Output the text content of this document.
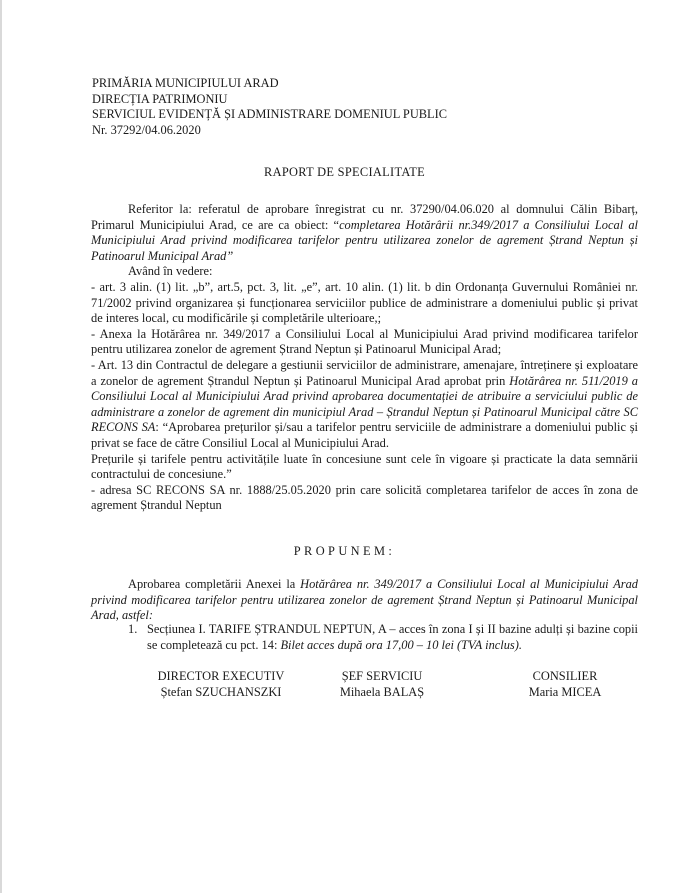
PRIMĂRIA MUNICIPIULUI ARAD
DIRECȚIA PATRIMONIU
SERVICIUL EVIDENȚĂ ȘI ADMINISTRARE DOMENIUL PUBLIC
Nr. 37292/04.06.2020
RAPORT DE SPECIALITATE

Referitor la: referatul de aprobare înregistrat cu nr. 37290/04.06.020 al domnului Călin Bibarț, Primarul Municipiului Arad, ce are ca obiect: “completarea Hotărârii nr.349/2017 a Consiliului Local al Municipiului Arad privind modificarea tarifelor pentru utilizarea zonelor de agrement Ștrand Neptun și Patinoarul Municipal Arad”

Având în vedere:

- art. 3 alin. (1) lit. „b”, art.5, pct. 3, lit. „e”, art. 10 alin. (1) lit. b din Ordonanța Guvernului României nr. 71/2002 privind organizarea și funcționarea serviciilor publice de administrare a domeniului public și privat de interes local, cu modificările și completările ulterioare,;

- Anexa la Hotărârea nr. 349/2017 a Consiliului Local al Municipiului Arad privind modificarea tarifelor pentru utilizarea zonelor de agrement Ștrand Neptun și Patinoarul Municipal Arad;

- Art. 13 din Contractul de delegare a gestiunii serviciilor de administrare, amenajare, întreținere și exploatare a zonelor de agrement Ștrandul Neptun și Patinoarul Municipal Arad aprobat prin Hotărârea nr. 511/2019 a Consiliului Local al Municipiului Arad privind aprobarea documentației de atribuire a serviciului public de administrare a zonelor de agrement din municipiul Arad – Ștrandul Neptun și Patinoarul Municipal către SC RECONS SA: “Aprobarea prețurilor și/sau a tarifelor pentru serviciile de administrare a domeniului public și privat se face de către Consiliul Local al Municipiului Arad.

Prețurile și tarifele pentru activitățile luate în concesiune sunt cele în vigoare și practicate la data semnării contractului de concesiune.”

- adresa SC RECONS SA nr. 1888/25.05.2020 prin care solicită completarea tarifelor de acces în zona de agrement Ștrandul Neptun

PROPUNEM:

Aprobarea completării Anexei la Hotărârea nr. 349/2017 a Consiliului Local al Municipiului Arad privind modificarea tarifelor pentru utilizarea zonelor de agrement Ștrand Neptun și Patinoarul Municipal Arad, astfel:

1. Secțiunea I. TARIFE ȘTRANDUL NEPTUN, A – acces în zona I și II bazine adulți și bazine copii se completează cu pct. 14: Bilet acces după ora 17,00 – 10 lei (TVA inclus).
DIRECTOR EXECUTIV
Ștefan SZUCHANSZKI
ȘEF SERVICIU
Mihaela BALAȘ
CONSILIER
Maria MICEA
